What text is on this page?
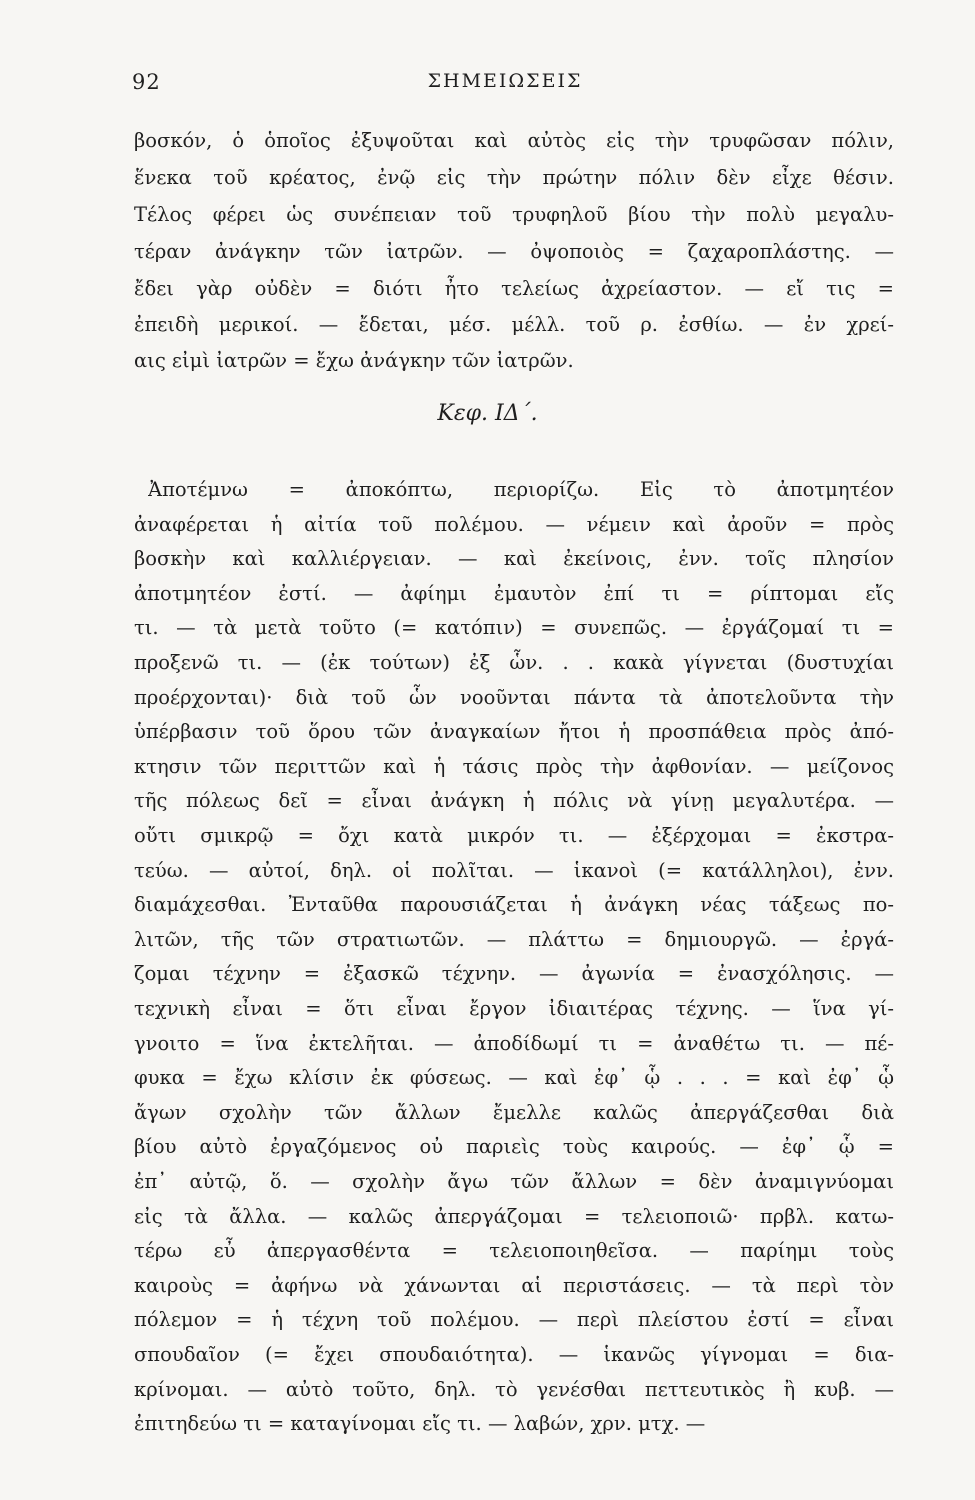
92	ΣΗΜΕΙΩΣΕΙΣ
βοσκόν, ὁ ὁποῖος ἐξυψοῦται καὶ αὐτὸς εἰς τὴν τρυφῶσαν πόλιν,
ἕνεκα τοῦ κρέατος, ἐνῷ εἰς τὴν πρώτην πόλιν δὲν εἶχε θέσιν.
Τέλος φέρει ὡς συνέπειαν τοῦ τρυφηλοῦ βίου τὴν πολὺ μεγαλυ-
τέραν ἀνάγκην τῶν ἰατρῶν. — ὀψοποιὸς = ζαχαροπλάστης. —
ἔδει γὰρ οὐδὲν = διότι ἦτο τελείως ἀχρείαστον. — εἴ τις =
ἐπειδὴ μερικοί. — ἔδεται, μέσ. μέλλ. τοῦ ρ. ἐσθίω. — ἐν χρεί-
αις εἰμὶ ἰατρῶν = ἔχω ἀνάγκην τῶν ἰατρῶν.
Κεφ. ΙΔ΄.
Ἀποτέμνω = ἀποκόπτω, περιορίζω. Εἰς τὸ ἀποτμητέον
ἀναφέρεται ἡ αἰτία τοῦ πολέμου. — νέμειν καὶ ἀροῦν = πρὸς
βοσκὴν καὶ καλλιέργειαν. — καὶ ἐκείνοις, ἐνν. τοῖς πλησίον
ἀποτμητέον ἐστί. — ἀφίημι ἐμαυτὸν ἐπί τι = ρίπτομαι εἴς
τι. — τὰ μετὰ τοῦτο (= κατόπιν) = συνεπῶς. — ἐργάζομαί τι =
προξενῶ τι. — (ἐκ τούτων) ἐξ ὧν. . . κακὰ γίγνεται (δυστυχίαι
προέρχονται)· διὰ τοῦ ὧν νοοῦνται πάντα τὰ ἀποτελοῦντα τὴν
ὑπέρβασιν τοῦ ὅρου τῶν ἀναγκαίων ἤτοι ἡ προσπάθεια πρὸς ἀπό-
κτησιν τῶν περιττῶν καὶ ἡ τάσις πρὸς τὴν ἀφθονίαν. — μείζονος
τῆς πόλεως δεῖ = εἶναι ἀνάγκη ἡ πόλις νὰ γίνῃ μεγαλυτέρα. —
οὔτι σμικρῷ = ὄχι κατὰ μικρόν τι. — ἐξέρχομαι = ἐκστρα-
τεύω. — αὐτοί, δηλ. οἱ πολῖται. — ἱκανοὶ (= κατάλληλοι), ἐνν.
διαμάχεσθαι. Ἐνταῦθα παρουσιάζεται ἡ ἀνάγκη νέας τάξεως πο-
λιτῶν, τῆς τῶν στρατιωτῶν. — πλάττω = δημιουργῶ. — ἐργά-
ζομαι τέχνην = ἐξασκῶ τέχνην. — ἀγωνία = ἐνασχόλησις. —
τεχνικὴ εἶναι = ὅτι εἶναι ἔργον ἰδιαιτέρας τέχνης. — ἵνα γί-
γνοιτο = ἵνα ἐκτελῆται. — ἀποδίδωμί τι = ἀναθέτω τι. — πέ-
φυκα = ἔχω κλίσιν ἐκ φύσεως. — καὶ ἐφ᾿ ᾧ . . . = καὶ ἐφ᾿ ᾧ
ἄγων σχολὴν τῶν ἄλλων ἔμελλε καλῶς ἀπεργάζεσθαι διὰ
βίου αὐτὸ ἐργαζόμενος οὐ παριεὶς τοὺς καιρούς. — ἐφ᾿ ᾧ =
ἐπ᾿ αὐτῷ, ὅ. — σχολὴν ἄγω τῶν ἄλλων = δὲν ἀναμιγνύομαι
εἰς τὰ ἄλλα. — καλῶς ἀπεργάζομαι = τελειοποιῶ· πρβλ. κατω-
τέρω εὖ ἀπεργασθέντα = τελειοποιηθεῖσα. — παρίημι τοὺς
καιροὺς = ἀφήνω νὰ χάνωνται αἱ περιστάσεις. — τὰ περὶ τὸν
πόλεμον = ἡ τέχνη τοῦ πολέμου. — περὶ πλείστου ἐστί = εἶναι
σπουδαῖον (= ἔχει σπουδαιότητα). — ἱκανῶς γίγνομαι = δια-
κρίνομαι. — αὐτὸ τοῦτο, δηλ. τὸ γενέσθαι πεττευτικὸς ἢ κυβ. —
ἐπιτηδεύω τι = καταγίνομαι εἴς τι. — λαβών, χρν. μτχ. —
